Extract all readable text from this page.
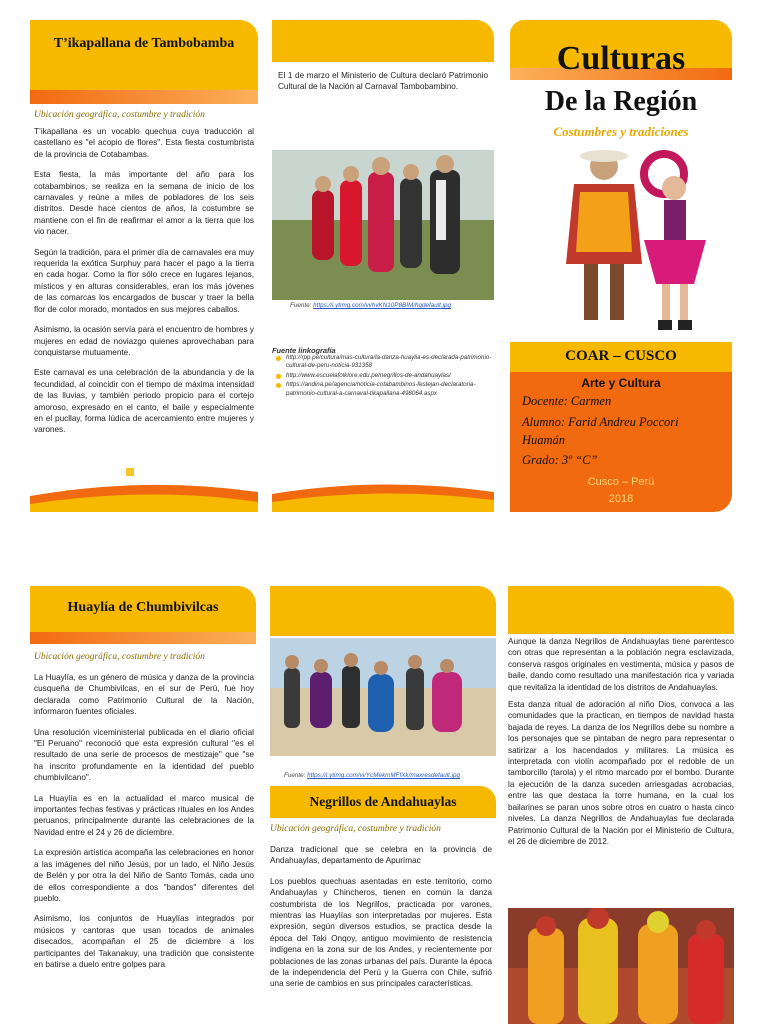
T’ikapallana de Tambobamba
Ubicación geográfica, costumbre y tradición

T’ikapallana es un vocablo quechua cuya traducción al castellano es "el acopio de flores". Esta fiesta costumbrista de la provincia de Cotabambas.

Esta fiesta, la más importante del año para los cotabambinos, se realiza en la semana de inicio de los carnavales y reúne a miles de pobladores de los seis distritos. Desde hace cientos de años, la costumbre se mantiene con el fin de reafirmar el amor a la tierra que los vio nacer.

Según la tradición, para el primer día de carnavales era muy requerida la exótica Surphuy para hacer el pago a la tierra en cada hogar. Como la flor sólo crece en lugares lejanos, místicos y en alturas considerables, eran los más jóvenes de las comarcas los encargados de buscar y traer la bella flor de color morado, montados en sus mejores caballos.

Asimismo, la ocasión servía para el encuentro de hombres y mujeres en edad de noviazgo quienes aprovechaban para conquistarse mutuamente.

Este carnaval es una celebración de la abundancia y de la fecundidad, al coincidir con el tiempo de máxima intensidad de las lluvias, y también periodo propicio para el cortejo amoroso, expresado en el canto, el baile y especialmente en el pucllay, forma lúdica de acercamiento entre mujeres y varones.

El 1 de marzo el Ministerio de Cultura declaró Patrimonio Cultural de la Nación al Carnaval Tambobambino.

Fuente: https://i.ytimg.com/vi/hvKN10P8BIM/hqdefault.jpg
Fuente linkografía
http://rpp.pe/cultura/mas-cultura/la-danza-huaylia-es-declarada-patrimonio-cultural-de-peru-noticia-931358
http://www.escuelafolklore.edu.pe/negrillos-de-andahuaylas/
https://andina.pe/agencia/noticia-cotabambinos-festejan-declaratoria-patrimonio-cultural-a-carnaval-tikapallana-498064.aspx
Culturas
De la Región
Costumbres y tradiciones
COAR – CUSCO
Arte y Cultura
Docente: Carmen
Alumno: Farid Andreu Poccori Huamán
Grado: 3º “C”
Cusco – Perú
2018
Huaylía de Chumbivilcas
Ubicación geográfica, costumbre y tradición

La Huaylía, es un género de música y danza de la provincia cusqueña de Chumbivilcas, en el sur de Perú, fue hoy declarada como Patrimonio Cultural de la Nación, informaron fuentes oficiales.

Una resolución viceministerial publicada en el diario oficial "El Peruano" reconoció que esta expresión cultural "es el resultado de una serie de procesos de mestizaje" que "se ha inscrito profundamente en la identidad del pueblo chumbivilcano".

La Huaylía es en la actualidad el marco musical de importantes fechas festivas y prácticas rituales en los Andes peruanos, principalmente durante las celebraciones de la Navidad entre el 24 y 26 de diciembre.

La expresión artística acompaña las celebraciones en honor a las imágenes del niño Jesús, por un lado, el Niño Jesús de Belén y por otra la del Niño de Santo Tomás, cada uno de ellos correspondiente a dos "bandos" diferentes del pueblo.

Asimismo, los conjuntos de Huaylías integrados por músicos y cantoras que usan tocados de animales disecados, acompañan el 25 de diciembre a los participantes del Takanakuy, una tradición que consistente en batirse a duelo entre golpes para

Fuente: https://i.ytimg.com/vi/YcMekmMFfXk/maxresdefault.jpg
Negrillos de Andahuaylas
Ubicación geográfica, costumbre y tradición

Danza tradicional que se celebra en la provincia de Andahuaylas, departamento de Apurímac

Los pueblos quechuas asentadas en este territorio, como Andahuaylas y Chincheros, tienen en común la danza costumbrista de los Negrillos, practicada por varones, mientras las Huaylías son interpretadas por mujeres. Esta expresión, según diversos estudios, se practica desde la época del Taki Onqoy, antiguo movimiento de resistencia indígena en la zona sur de los Andes, y recientemente por poblaciones de las zonas urbanas del país. Durante la época de la independencia del Perú y la Guerra con Chile, sufrió una serie de cambios en sus principales características.

Aunque la danza Negrillos de Andahuaylas tiene parentesco con otras que representan a la población negra esclavizada, conserva rasgos originales en vestimenta, música y pasos de baile, dando como resultado una manifestación rica y variada que revitaliza la identidad de los distritos de Andahuaylas.

Esta danza ritual de adoración al niño Dios, convoca a las comunidades que la practican, en tiempos de navidad hasta bajada de reyes. La danza de los Negrillos debe su nombre a los personajes que se pintaban de negro para representar o satirizar a los hacendados y militares. La música es interpretada con violín acompañado por el redoble de un tamborcillo (tarola) y el ritmo marcado por el bombo. Durante la ejecución de la danza suceden arriesgadas acrobacias, entre las que destaca la torre humana, en la cual los bailarines se paran unos sobre otros en cuatro o hasta cinco niveles. La danza Negrillos de Andahuaylas fue declarada Patrimonio Cultural de la Nación por el Ministerio de Cultura, el 26 de diciembre de 2012.
